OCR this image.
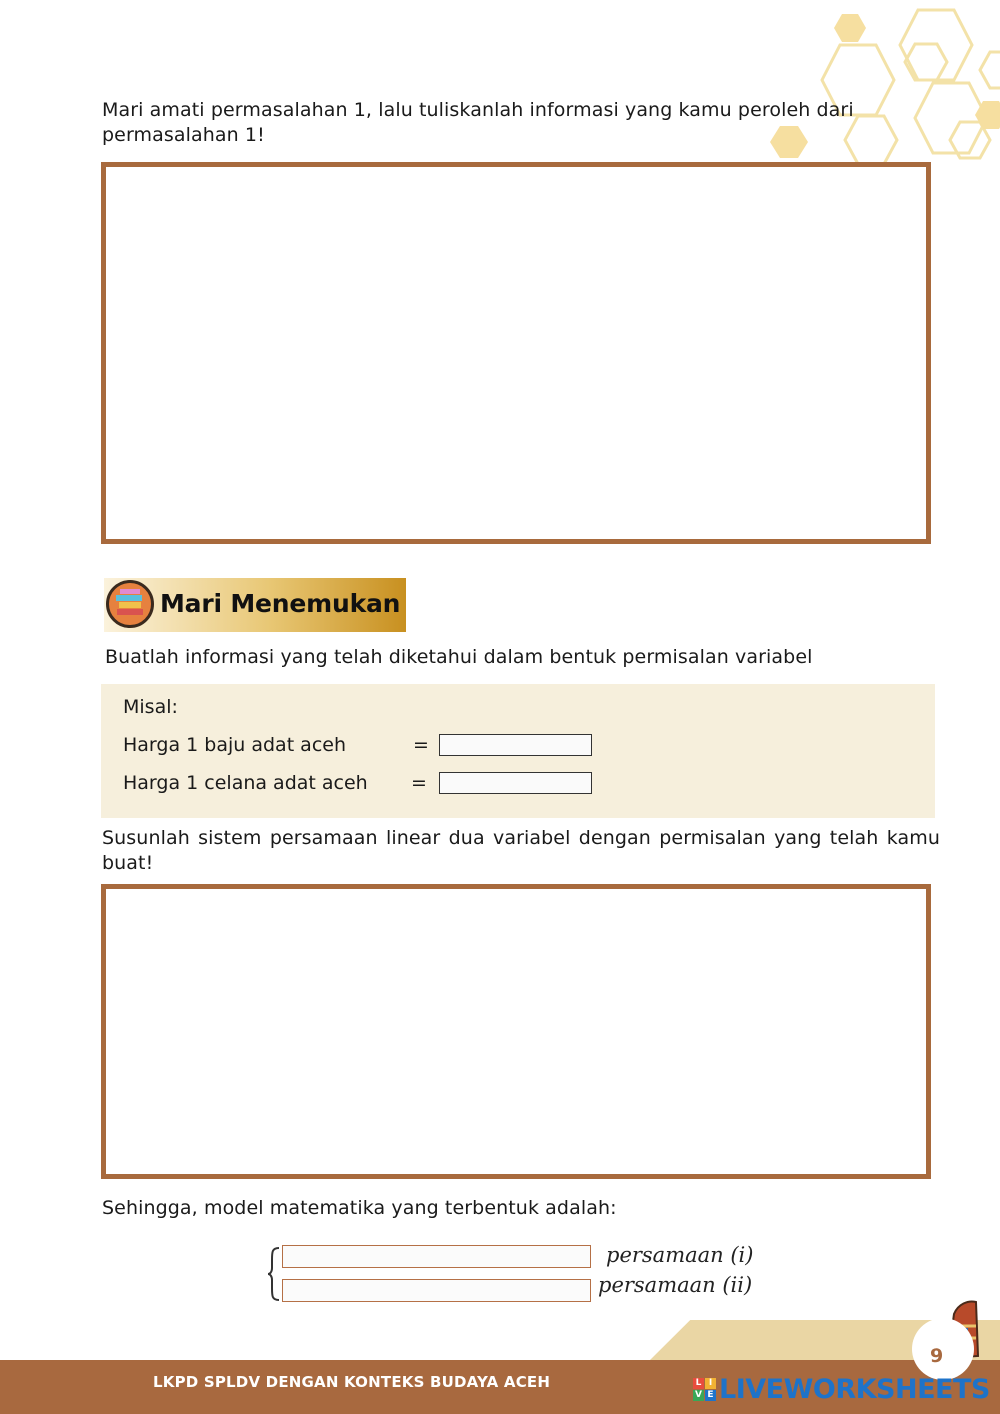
Mari amati permasalahan 1, lalu tuliskanlah informasi yang kamu peroleh dari permasalahan 1!
Mari Menemukan
Buatlah informasi yang telah diketahui dalam bentuk permisalan variabel
Misal:
Harga 1 baju adat aceh	=
Harga 1 celana adat aceh =
Susunlah sistem persamaan linear dua variabel dengan permisalan yang telah kamu buat!
Sehingga, model matematika yang terbentuk adalah:
persamaan (i)
persamaan (ii)
9
LKPD SPLDV DENGAN KONTEKS BUDAYA ACEH	L I
V E LIVEWORKSHEETS
